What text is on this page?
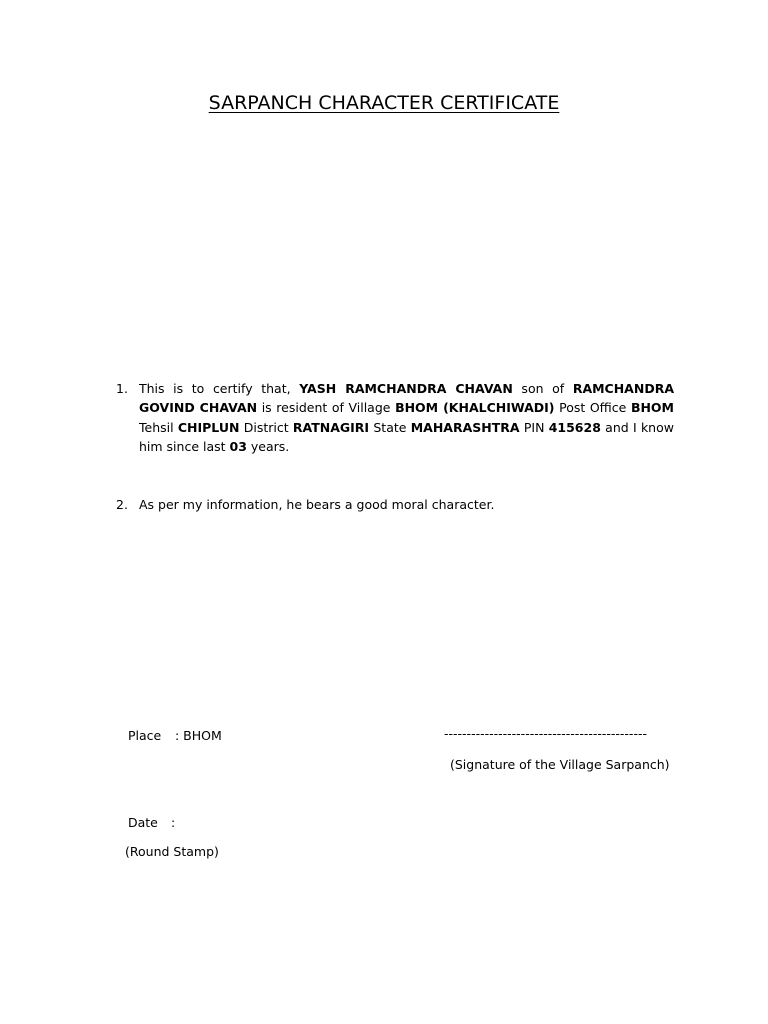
SARPANCH CHARACTER CERTIFICATE
1. This is to certify that, YASH RAMCHANDRA CHAVAN son of RAMCHANDRA GOVIND CHAVAN is resident of Village BHOM (KHALCHIWADI) Post Office BHOM Tehsil CHIPLUN District RATNAGIRI State MAHARASHTRA PIN 415628 and I know him since last 03 years.
2. As per my information, he bears a good moral character.
Place : BHOM	---------------------------------------------
(Signature of the Village Sarpanch)
Date :
(Round Stamp)
